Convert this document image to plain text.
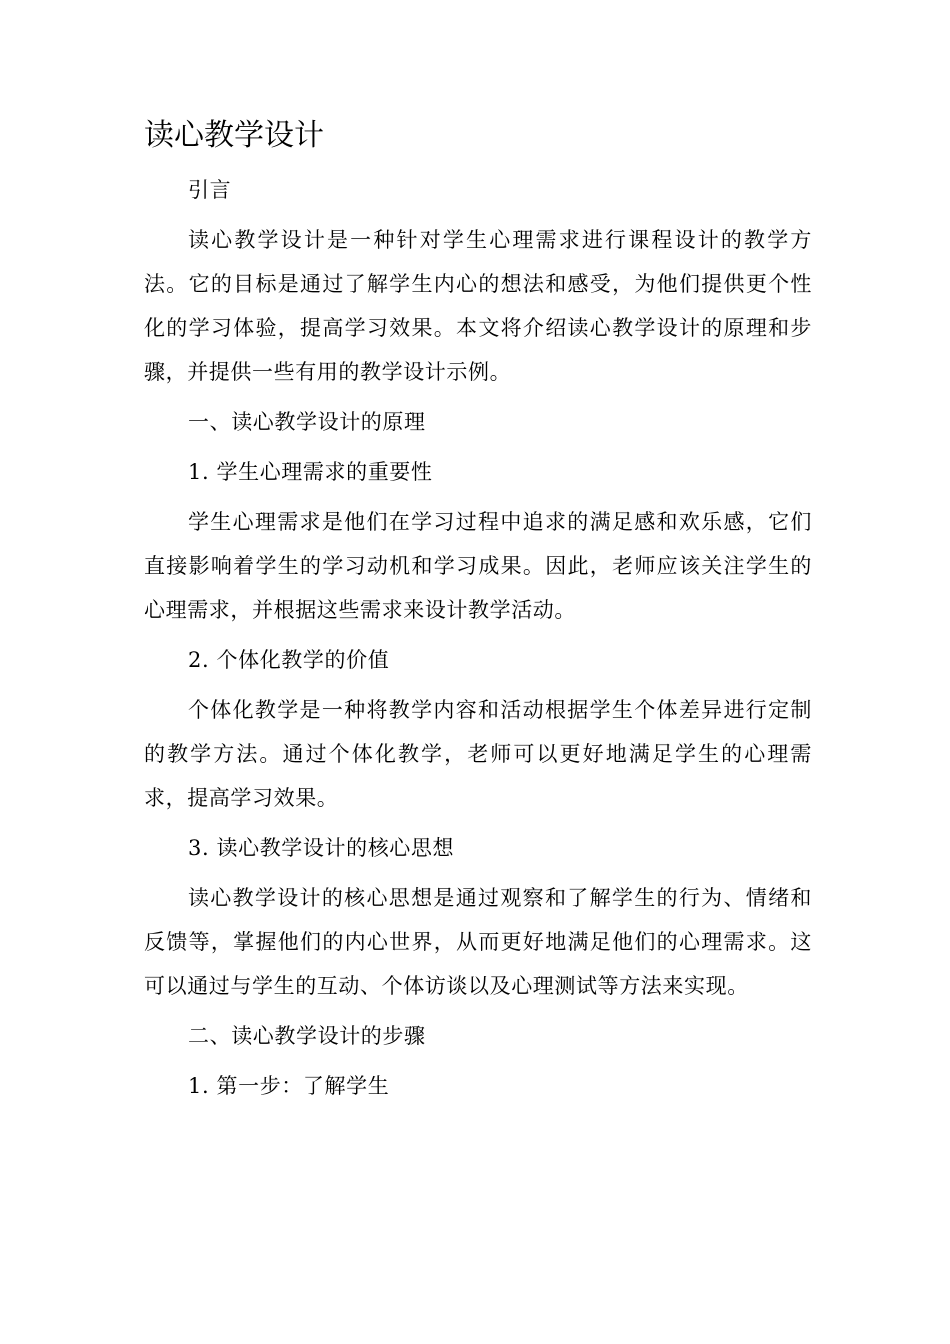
读心教学设计
引言
读心教学设计是一种针对学生心理需求进行课程设计的教学方法。它的目标是通过了解学生内心的想法和感受，为他们提供更个性化的学习体验，提高学习效果。本文将介绍读心教学设计的原理和步骤，并提供一些有用的教学设计示例。
一、读心教学设计的原理
1. 学生心理需求的重要性
学生心理需求是他们在学习过程中追求的满足感和欢乐感，它们直接影响着学生的学习动机和学习成果。因此，老师应该关注学生的心理需求，并根据这些需求来设计教学活动。
2. 个体化教学的价值
个体化教学是一种将教学内容和活动根据学生个体差异进行定制的教学方法。通过个体化教学，老师可以更好地满足学生的心理需求，提高学习效果。
3. 读心教学设计的核心思想
读心教学设计的核心思想是通过观察和了解学生的行为、情绪和反馈等，掌握他们的内心世界，从而更好地满足他们的心理需求。这可以通过与学生的互动、个体访谈以及心理测试等方法来实现。
二、读心教学设计的步骤
1. 第一步：了解学生
